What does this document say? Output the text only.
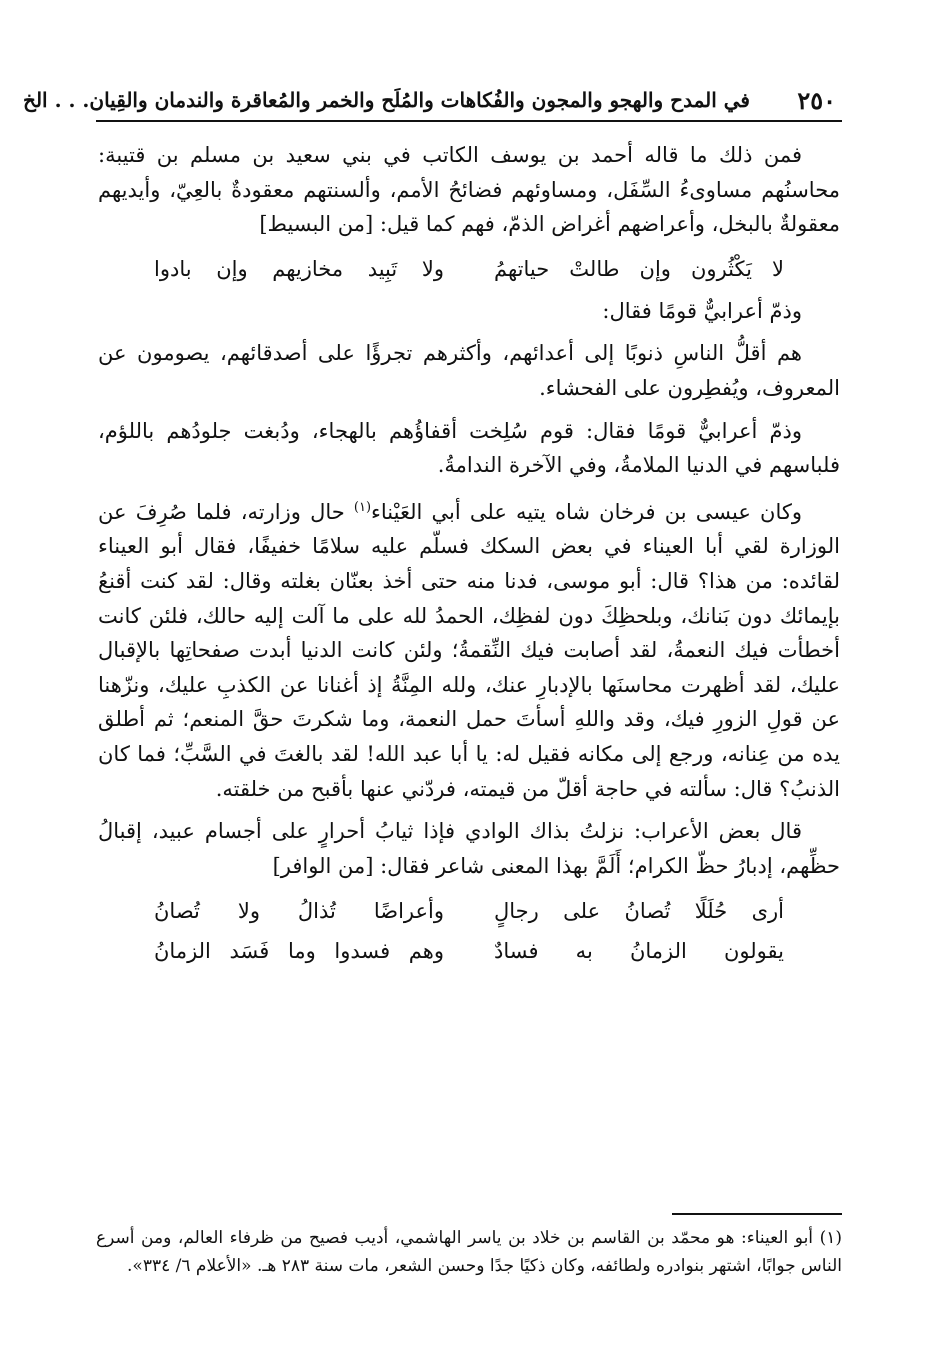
٢٥٠
في المدح والهجو والمجون والفُكاهات والمُلَح والخمر والمُعاقرة والندمان والقِيان. . . الخ

فمن ذلك ما قاله أحمد بن يوسف الكاتب في بني سعيد بن مسلم بن قتيبة: محاسنُهم مساوىءُ السِّفَل، ومساوئهم فضائحُ الأمم، وألسنتهم معقودةٌ بالعِيّ، وأيديهم معقولةٌ بالبخل، وأعراضهم أغراض الذمّ، فهم كما قيل: [من البسيط]

لا يَكْثُرون وإن طالتْ حياتهمُ
ولا تَبِيد مخازيهم وإن بادوا

وذمّ أعرابيٌّ قومًا فقال:

هم أقلُّ الناسِ ذنوبًا إلى أعدائهم، وأكثرهم تجرؤًا على أصدقائهم، يصومون عن المعروف، ويُفطِرون على الفحشاء.

وذمّ أعرابيٌّ قومًا فقال: قوم سُلِخت أقفاؤُهم بالهجاء، ودُبغت جلودُهم باللؤم، فلباسهم في الدنيا الملامةُ، وفي الآخرة الندامةُ.

وكان عيسى بن فرخان شاه يتيه على أبي العَيْناء$^{(١)}$ حال وزارته، فلما صُرِفَ عن الوزارة لقي أبا العيناء في بعض السكك فسلّم عليه سلامًا خفيفًا، فقال أبو العيناء لقائده: من هذا؟ قال: أبو موسى، فدنا منه حتى أخذ بعنّان بغلته وقال: لقد كنت أقنعُ بإيمائك دون بَنانك، وبلحظِكَ دون لفظِك، الحمدُ لله على ما آلت إليه حالك، فلئن كانت أخطأت فيك النعمةُ، لقد أصابت فيك النِّقمةُ؛ ولئن كانت الدنيا أبدت صفحاتِها بالإقبال عليك، لقد أظهرت محاسنَها بالإدبارِ عنك، ولله المِنَّةُ إذ أغنانا عن الكذبِ عليك، ونزّهنا عن قولِ الزورِ فيك، وقد واللهِ أسأتَ حمل النعمة، وما شكرتَ حقَّ المنعم؛ ثم أطلق يده من عِنانه، ورجع إلى مكانه فقيل له: يا أبا عبد الله! لقد بالغتَ في السَّبِّ؛ فما كان الذنبُ؟ قال: سألته في حاجة أقلّ من قيمته، فردّني عنها بأقبح من خلقته.

قال بعض الأعراب: نزلتُ بذاك الوادي فإذا ثيابُ أحرارٍ على أجسام عبيد، إقبالُ حظِّهم، إدبارُ حظّ الكرام؛ أَلَمَّ بهذا المعنى شاعر فقال: [من الوافر]

أرى حُلَلًا تُصانُ على رجالٍ
وأعراضًا تُذالُ ولا تُصانُ
يقولون الزمانُ به فسادٌ
وهم فسدوا وما فَسَد الزمانُ
(١) أبو العيناء: هو محمّد بن القاسم بن خلاد بن ياسر الهاشمي، أديب فصيح من ظرفاء العالم، ومن أسرع الناس جوابًا، اشتهر بنوادره ولطائفه، وكان ذكيًا جدًا وحسن الشعر، مات سنة ٢٨٣ هـ. «الأعلام ٦/ ٣٣٤».
